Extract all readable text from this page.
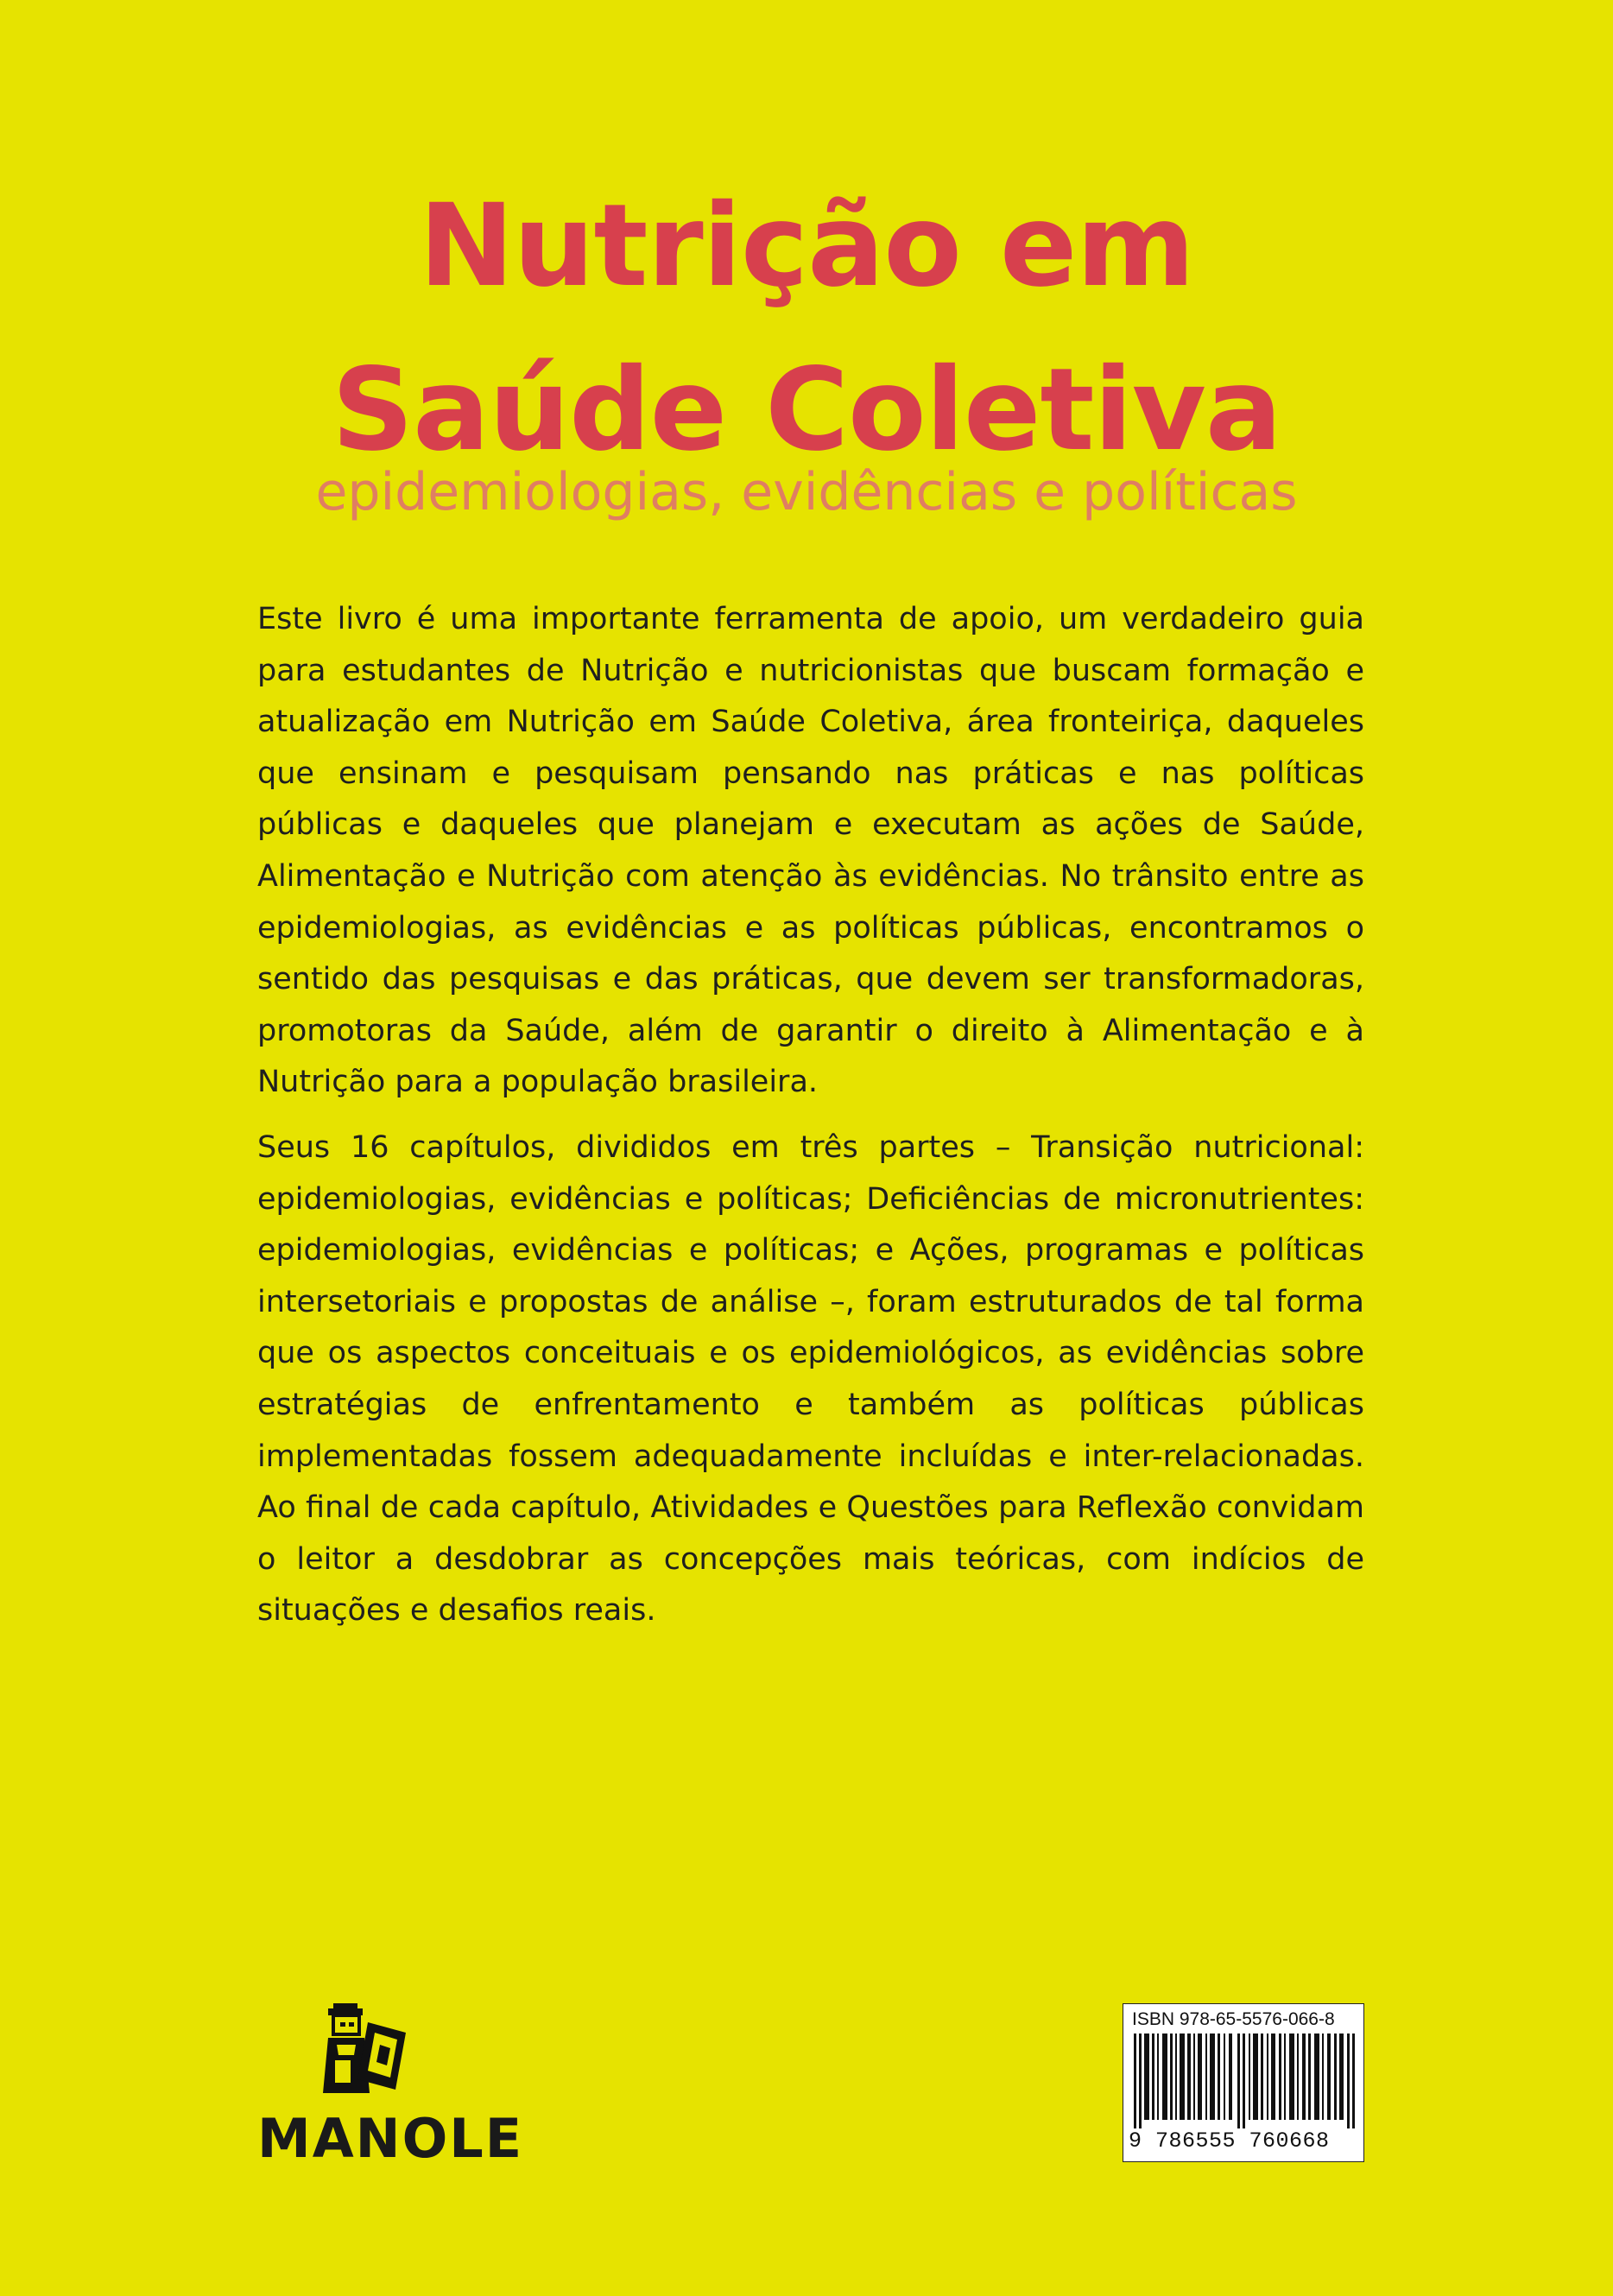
Nutrição em
Saúde Coletiva
epidemiologias, evidências e políticas

Este livro é uma importante ferramenta de apoio, um verdadeiro guia para estudantes de Nutrição e nutricionistas que buscam formação e atualização em Nutrição em Saúde Coletiva, área fronteiriça, daqueles que ensinam e pesquisam pensando nas práticas e nas políticas públicas e daqueles que planejam e executam as ações de Saúde, Alimentação e Nutrição com atenção às evidências. No trânsito entre as epidemiologias, as evidências e as políticas públicas, encontramos o sentido das pesquisas e das práticas, que devem ser transformadoras, promotoras da Saúde, além de garantir o direito à Alimentação e à Nutrição para a população brasileira.

Seus 16 capítulos, divididos em três partes – Transição nutricional: epidemiologias, evidências e políticas; Deficiências de micronutrientes: epidemiologias, evidências e políticas; e Ações, programas e políticas intersetoriais e propostas de análise –, foram estruturados de tal forma que os aspectos conceituais e os epidemiológicos, as evidências sobre estratégias de enfrentamento e também as políticas públicas implementadas fossem adequadamente incluídas e inter-relacionadas. Ao final de cada capítulo, Atividades e Questões para Reflexão convidam o leitor a desdobrar as concepções mais teóricas, com indícios de situações e desafios reais.

MANOLE
ISBN 978-65-5576-066-8
9 786555 760668
